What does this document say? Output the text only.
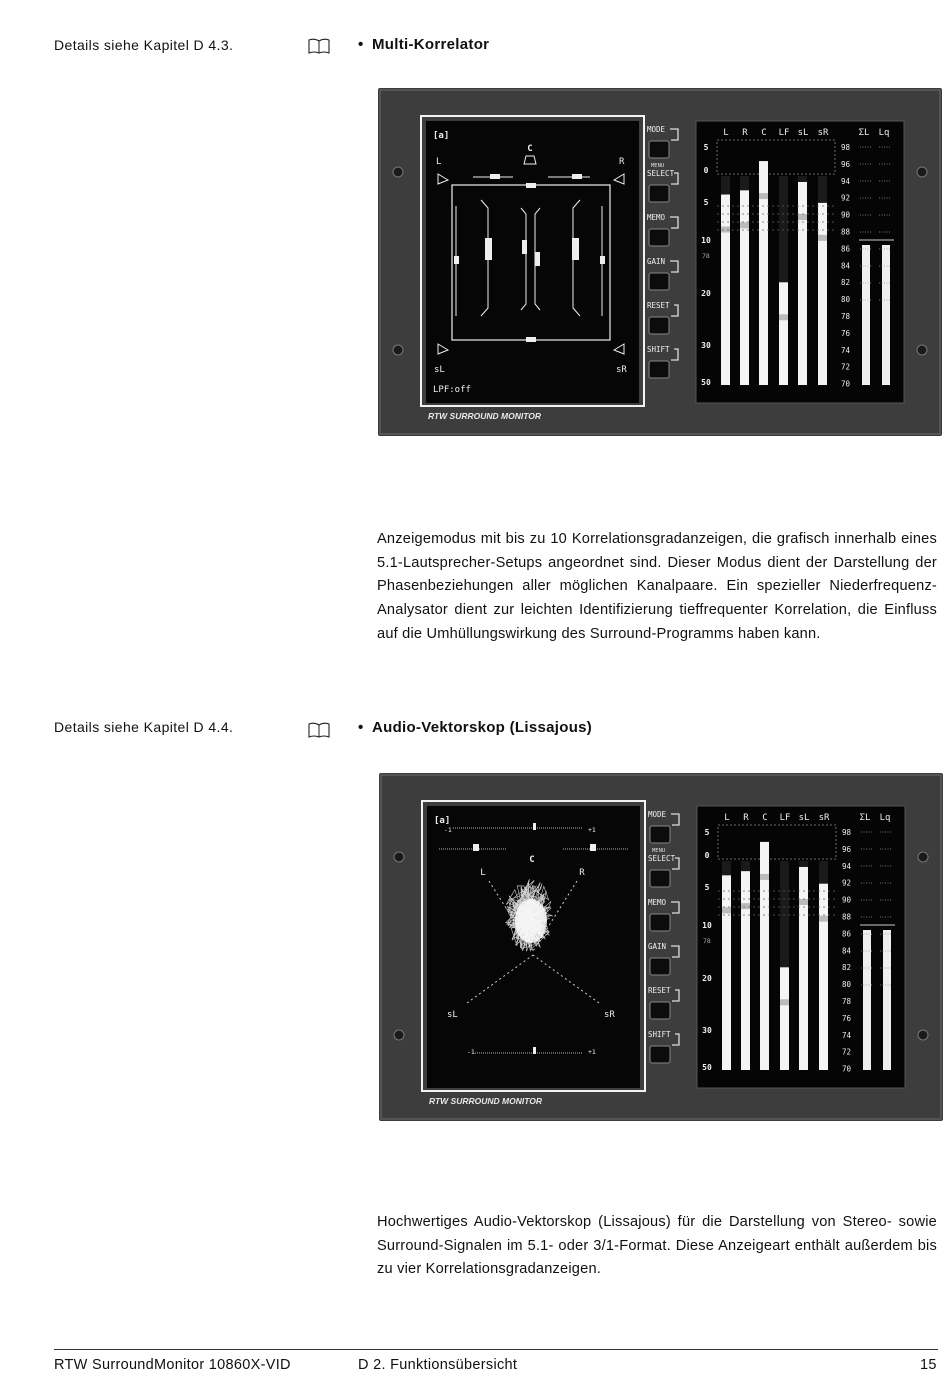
Details siehe Kapitel D 4.3.	• Multi-Korrelator
RTW SURROUND MONITOR
MODE
SELECT
MEMO
GAIN
RESET
SHIFT
MENU
L R C LF sL sR	ΣL Lq
5
0
5
10
20
30
50
78
98
96
94
92
90
88
86
84
82
80
78
76
74
72
70
[a]
C
L	R
sL	sR
LPF:off
Anzeigemodus mit bis zu 10 Korrelationsgradanzeigen, die grafisch innerhalb eines 5.1-Lautsprecher-Setups angeordnet sind. Dieser Modus dient der Darstellung der Phasenbeziehungen aller möglichen Kanalpaare. Ein spezieller Niederfrequenz-Analysator dient zur leichten Identifizierung tieffrequenter Korrelation, die Einfluss auf die Umhüllungswirkung des Surround-Programms haben kann.
Details siehe Kapitel D 4.4.	• Audio-Vektorskop (Lissajous)
RTW SURROUND MONITOR
MODE
SELECT
MEMO
GAIN
RESET
SHIFT
MENU
L R C LF sL sR	ΣL Lq
5
0
5
10
20
30
50
78
98
96
94
92
90
88
86
84
82
80
78
76
74
72
70
[a]
-1	+1
C
L	R
sL	sR
-1	+1
Hochwertiges Audio-Vektorskop (Lissajous) für die Darstellung von Stereo- sowie Surround-Signalen im 5.1- oder 3/1-Format. Diese Anzeigeart enthält außerdem bis zu vier Korrelationsgradanzeigen.
RTW SurroundMonitor 10860X-VID	D 2. Funktionsübersicht	15
